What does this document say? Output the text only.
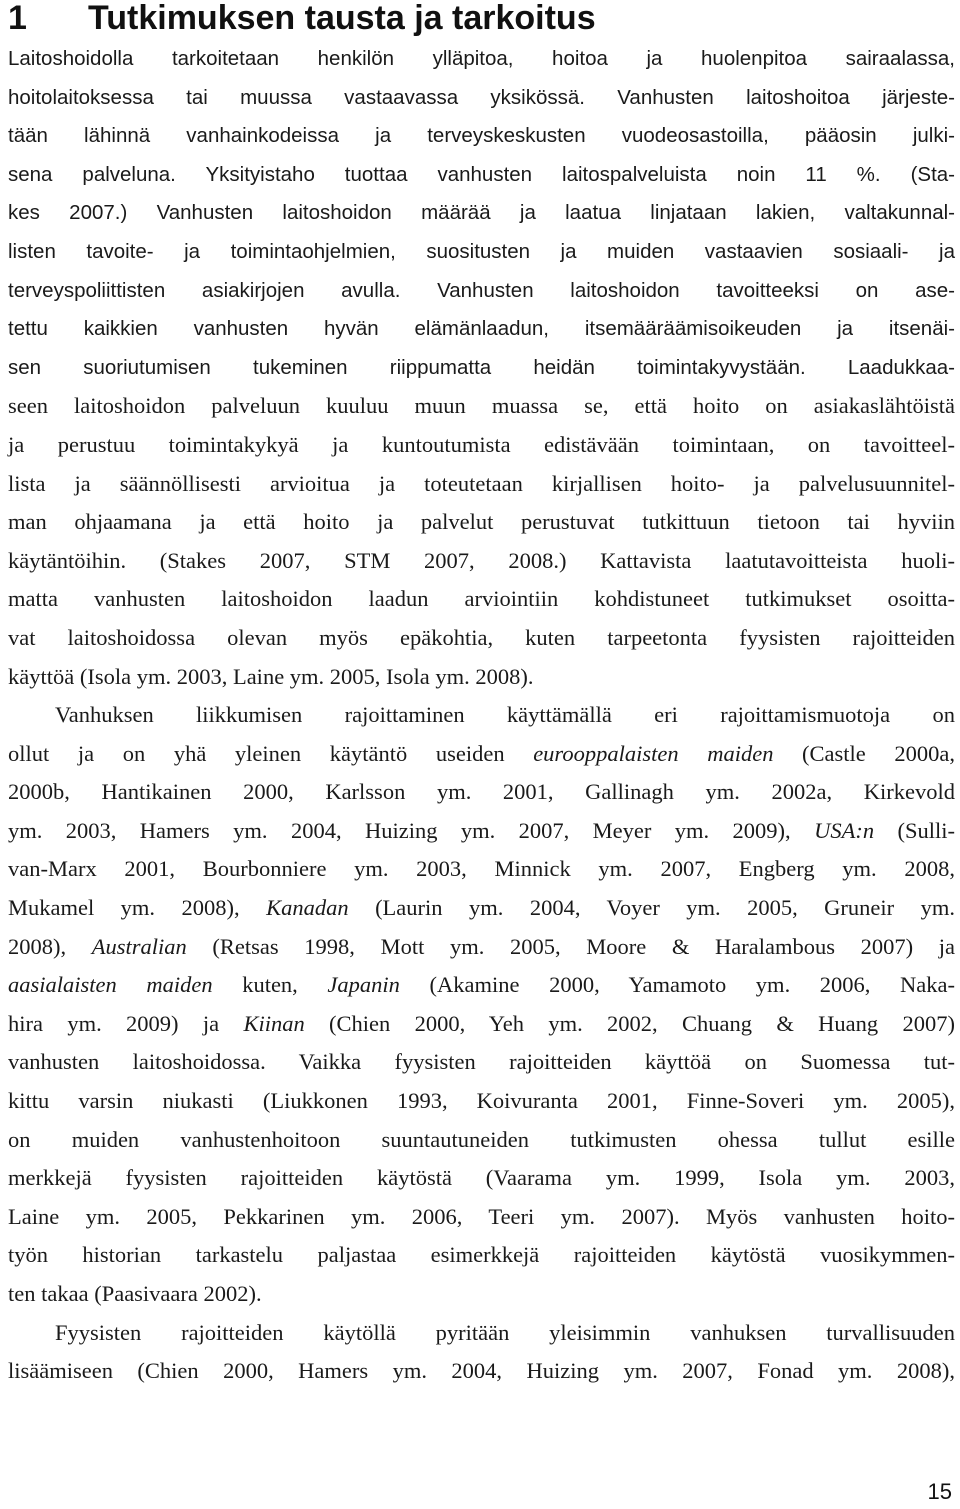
1 Tutkimuksen tausta ja tarkoitus
Laitoshoidolla tarkoitetaan henkilön ylläpitoa, hoitoa ja huolenpitoa sairaalassa,
hoitolaitoksessa tai muussa vastaavassa yksikössä. Vanhusten laitoshoitoa järjeste-
tään lähinnä vanhainkodeissa ja terveyskeskusten vuodeosastoilla, pääosin julki-
sena palveluna. Yksityistaho tuottaa vanhusten laitospalveluista noin 11 %. (Sta-
kes 2007.) Vanhusten laitoshoidon määrää ja laatua linjataan lakien, valtakunnal-
listen tavoite- ja toimintaohjelmien, suositusten ja muiden vastaavien sosiaali- ja
terveyspoliittisten asiakirjojen avulla. Vanhusten laitoshoidon tavoitteeksi on ase-
tettu kaikkien vanhusten hyvän elämänlaadun, itsemääräämisoikeuden ja itsenäi-
sen suoriutumisen tukeminen riippumatta heidän toimintakyvystään. Laadukkaa-
seen laitoshoidon palveluun kuuluu muun muassa se, että hoito on asiakaslähtöistä
ja perustuu toimintakykyä ja kuntoutumista edistävään toimintaan, on tavoitteel-
lista ja säännöllisesti arvioitua ja toteutetaan kirjallisen hoito- ja palvelusuunnitel-
man ohjaamana ja että hoito ja palvelut perustuvat tutkittuun tietoon tai hyviin
käytäntöihin. (Stakes 2007, STM 2007, 2008.) Kattavista laatutavoitteista huoli-
matta vanhusten laitoshoidon laadun arviointiin kohdistuneet tutkimukset osoitta-
vat laitoshoidossa olevan myös epäkohtia, kuten tarpeetonta fyysisten rajoitteiden
käyttöä (Isola ym. 2003, Laine ym. 2005, Isola ym. 2008).
Vanhuksen liikkumisen rajoittaminen käyttämällä eri rajoittamismuotoja on
ollut ja on yhä yleinen käytäntö useiden eurooppalaisten maiden (Castle 2000a,
2000b, Hantikainen 2000, Karlsson ym. 2001, Gallinagh ym. 2002a, Kirkevold
ym. 2003, Hamers ym. 2004, Huizing ym. 2007, Meyer ym. 2009), USA:n (Sulli-
van-Marx 2001, Bourbonniere ym. 2003, Minnick ym. 2007, Engberg ym. 2008,
Mukamel ym. 2008), Kanadan (Laurin ym. 2004, Voyer ym. 2005, Gruneir ym.
2008), Australian (Retsas 1998, Mott ym. 2005, Moore & Haralambous 2007) ja
aasialaisten maiden kuten, Japanin (Akamine 2000, Yamamoto ym. 2006, Naka-
hira ym. 2009) ja Kiinan (Chien 2000, Yeh ym. 2002, Chuang & Huang 2007)
vanhusten laitoshoidossa. Vaikka fyysisten rajoitteiden käyttöä on Suomessa tut-
kittu varsin niukasti (Liukkonen 1993, Koivuranta 2001, Finne-Soveri ym. 2005),
on muiden vanhustenhoitoon suuntautuneiden tutkimusten ohessa tullut esille
merkkejä fyysisten rajoitteiden käytöstä (Vaarama ym. 1999, Isola ym. 2003,
Laine ym. 2005, Pekkarinen ym. 2006, Teeri ym. 2007). Myös vanhusten hoito-
työn historian tarkastelu paljastaa esimerkkejä rajoitteiden käytöstä vuosikymmen-
ten takaa (Paasivaara 2002).
Fyysisten rajoitteiden käytöllä pyritään yleisimmin vanhuksen turvallisuuden
lisäämiseen (Chien 2000, Hamers ym. 2004, Huizing ym. 2007, Fonad ym. 2008),
15
